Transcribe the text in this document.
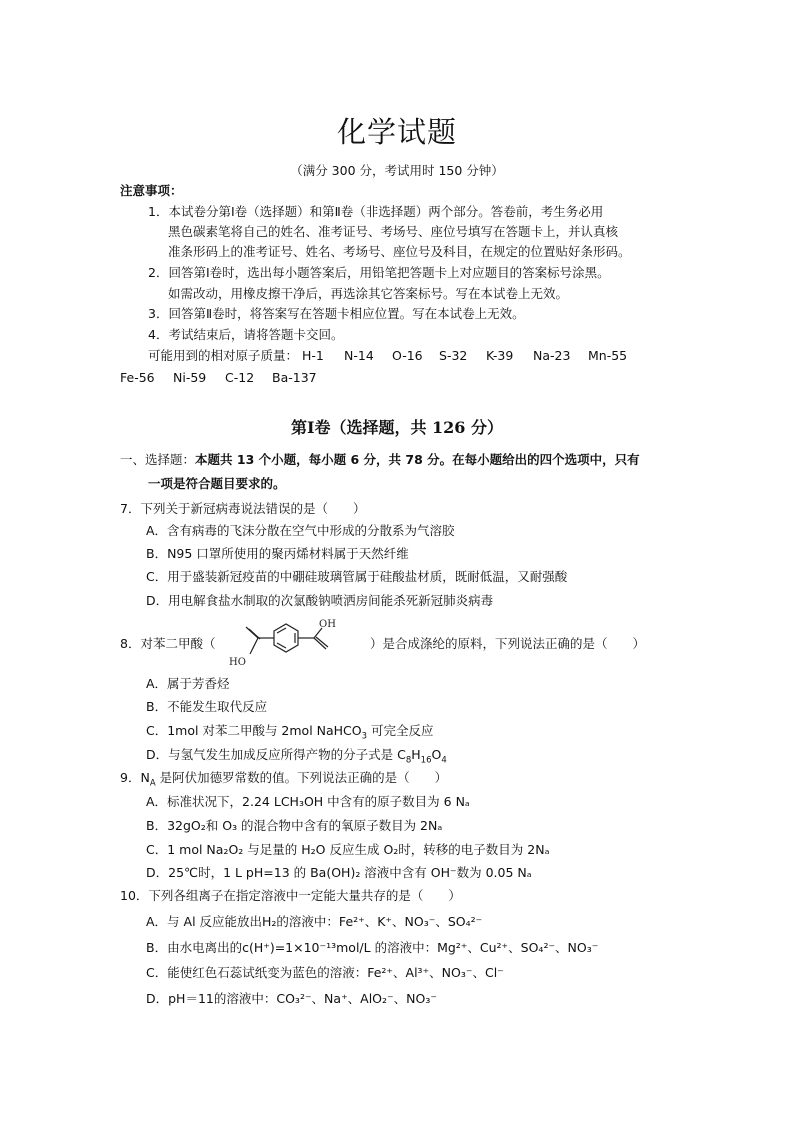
化学试题
（满分 300 分，考试用时 150 分钟）
注意事项：
1．本试卷分第Ⅰ卷（选择题）和第Ⅱ卷（非选择题）两个部分。答卷前，考生务必用
黑色碳素笔将自己的姓名、准考证号、考场号、座位号填写在答题卡上，并认真核
准条形码上的准考证号、姓名、考场号、座位号及科目，在规定的位置贴好条形码。
2．回答第Ⅰ卷时，选出每小题答案后，用铅笔把答题卡上对应题目的答案标号涂黑。
如需改动，用橡皮擦干净后，再选涂其它答案标号。写在本试卷上无效。
3．回答第Ⅱ卷时，将答案写在答题卡相应位置。写在本试卷上无效。
4．考试结束后，请将答题卡交回。
可能用到的相对原子质量： H-1 N-14 O-16 S-32 K-39 Na-23 Mn-55
Fe-56 Ni-59 C-12 Ba-137
第Ⅰ卷（选择题，共 126 分）
一、选择题：本题共 13 个小题，每小题 6 分，共 78 分。在每小题给出的四个选项中，只有
一项是符合题目要求的。
7．下列关于新冠病毒说法错误的是（　　）
A．含有病毒的飞沫分散在空气中形成的分散系为气溶胶
B．N95 口罩所使用的聚丙烯材料属于天然纤维
C．用于盛装新冠疫苗的中硼硅玻璃管属于硅酸盐材质，既耐低温，又耐强酸
D．用电解食盐水制取的次氯酸钠喷洒房间能杀死新冠肺炎病毒
8．对苯二甲酸（
OH
HO
）是合成涤纶的原料，下列说法正确的是（　　）
A．属于芳香烃
B．不能发生取代反应
C．1mol 对苯二甲酸与 2mol NaHCO$_3$ 可完全反应
D．与氢气发生加成反应所得产物的分子式是 $C_8H_{16}O_4$
9．$N_A$ 是阿伏加德罗常数的值。下列说法正确的是（　　）
A．标准状况下，2.24 LCH₃OH 中含有的原子数目为 6 Nₐ
B．32gO₂和 O₃ 的混合物中含有的氧原子数目为 2Nₐ
C．1 mol Na₂O₂ 与足量的 H₂O 反应生成 O₂时，转移的电子数目为 2Nₐ
D．25℃时，1 L pH=13 的 Ba(OH)₂ 溶液中含有 OH⁻数为 0.05 Nₐ
10．下列各组离子在指定溶液中一定能大量共存的是（　　）
A．与 Al 反应能放出H₂的溶液中：Fe²⁺、K⁺、NO₃⁻、SO₄²⁻
B．由水电离出的c(H⁺)=1×10⁻¹³mol/L 的溶液中：Mg²⁺、Cu²⁺、SO₄²⁻、NO₃⁻
C．能使红色石蕊试纸变为蓝色的溶液：Fe²⁺、Al³⁺、NO₃⁻、Cl⁻
D．pH＝11的溶液中：CO₃²⁻、Na⁺、AlO₂⁻、NO₃⁻
